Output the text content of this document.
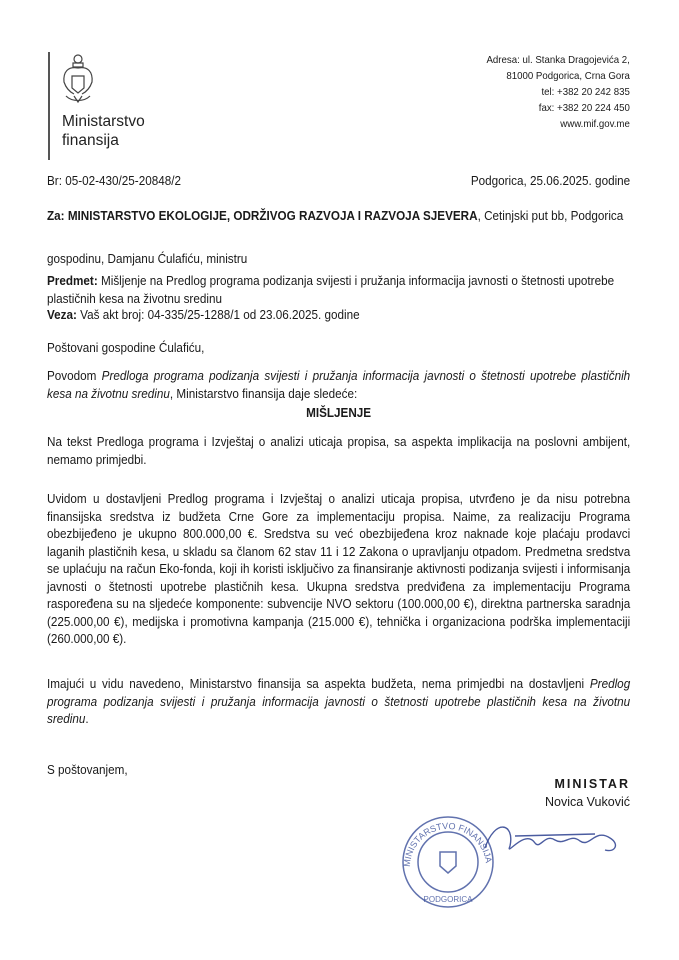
Ministarstvo
finansija
Adresa: ul. Stanka Dragojevića 2,
81000 Podgorica, Crna Gora
tel: +382 20 242 835
fax: +382 20 224 450
www.mif.gov.me
Br: 05-02-430/25-20848/2	Podgorica, 25.06.2025. godine
Za: MINISTARSTVO EKOLOGIJE, ODRŽIVOG RAZVOJA I RAZVOJA SJEVERA, Cetinjski put bb, Podgorica
gospodinu, Damjanu Ćulafiću, ministru
Predmet: Mišljenje na Predlog programa podizanja svijesti i pružanja informacija javnosti o štetnosti upotrebe plastičnih kesa na životnu sredinu
Veza: Vaš akt broj: 04-335/25-1288/1 od 23.06.2025. godine
Poštovani gospodine Ćulafiću,
Povodom Predloga programa podizanja svijesti i pružanja informacija javnosti o štetnosti upotrebe plastičnih kesa na životnu sredinu, Ministarstvo finansija daje sledeće:
MIŠLJENJE
Na tekst Predloga programa i Izvještaj o analizi uticaja propisa, sa aspekta implikacija na poslovni ambijent, nemamo primjedbi.
Uvidom u dostavljeni Predlog programa i Izvještaj o analizi uticaja propisa, utvrđeno je da nisu potrebna finansijska sredstva iz budžeta Crne Gore za implementaciju propisa. Naime, za realizaciju Programa obezbijeđeno je ukupno 800.000,00 €. Sredstva su već obezbijeđena kroz naknade koje plaćaju prodavci laganih plastičnih kesa, u skladu sa članom 62 stav 11 i 12 Zakona o upravljanju otpadom. Predmetna sredstva se uplaćuju na račun Eko-fonda, koji ih koristi isključivo za finansiranje aktivnosti podizanja svijesti i informisanja javnosti o štetnosti upotrebe plastičnih kesa. Ukupna sredstva predviđena za implementaciju Programa raspoređena su na sljedeće komponente: subvencije NVO sektoru (100.000,00 €), direktna partnerska saradnja (225.000,00 €), medijska i promotivna kampanja (215.000 €), tehnička i organizaciona podrška implementaciji (260.000,00 €).
Imajući u vidu navedeno, Ministarstvo finansija sa aspekta budžeta, nema primjedbi na dostavljeni Predlog programa podizanja svijesti i pružanja informacija javnosti o štetnosti upotrebe plastičnih kesa na životnu sredinu.
S poštovanjem,
MINISTAR
Novica Vuković
MINISTARSTVO FINANSIJA
PODGORICA
